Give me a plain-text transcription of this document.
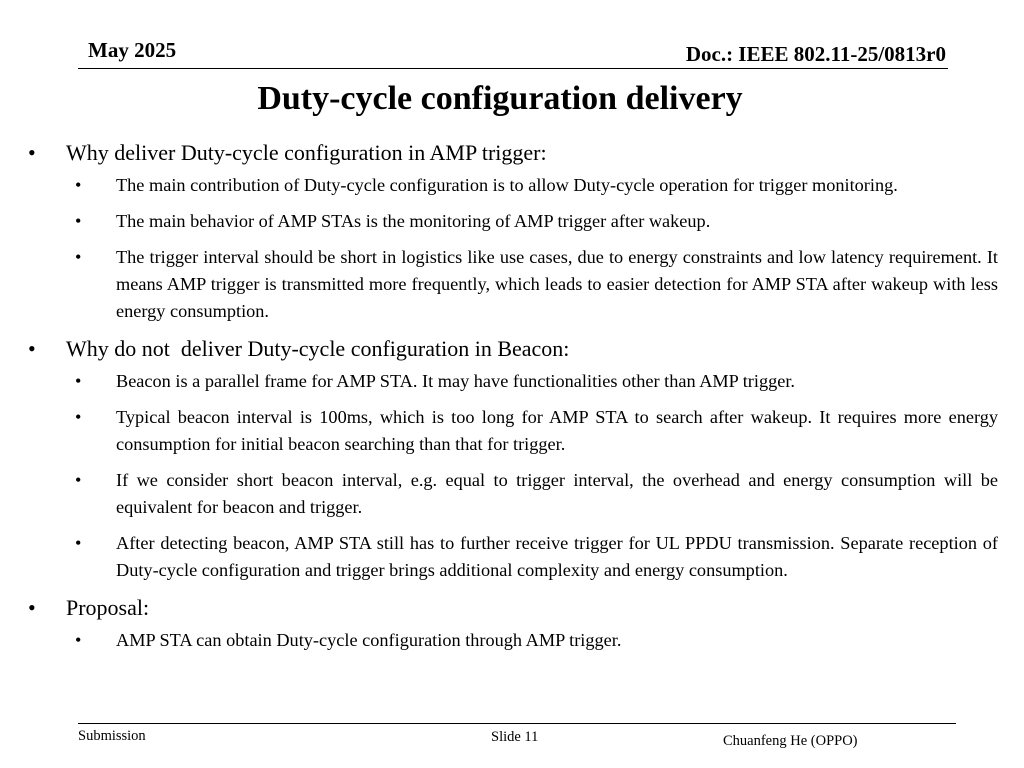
May 2025	Doc.: IEEE 802.11-25/0813r0
Duty-cycle configuration delivery
• Why deliver Duty-cycle configuration in AMP trigger:
• The main contribution of Duty-cycle configuration is to allow Duty-cycle operation for trigger monitoring.
• The main behavior of AMP STAs is the monitoring of AMP trigger after wakeup.
• The trigger interval should be short in logistics like use cases, due to energy constraints and low latency requirement. It means AMP trigger is transmitted more frequently, which leads to easier detection for AMP STA after wakeup with less energy consumption.
• Why do not  deliver Duty-cycle configuration in Beacon:
• Beacon is a parallel frame for AMP STA. It may have functionalities other than AMP trigger.
• Typical beacon interval is 100ms, which is too long for AMP STA to search after wakeup. It requires more energy consumption for initial beacon searching than that for trigger.
• If we consider short beacon interval, e.g. equal to trigger interval, the overhead and energy consumption will be equivalent for beacon and trigger.
• After detecting beacon, AMP STA still has to further receive trigger for UL PPDU transmission. Separate reception of Duty-cycle configuration and trigger brings additional complexity and energy consumption.
• Proposal:
• AMP STA can obtain Duty-cycle configuration through AMP trigger.
Submission	Slide 11	Chuanfeng He (OPPO)
